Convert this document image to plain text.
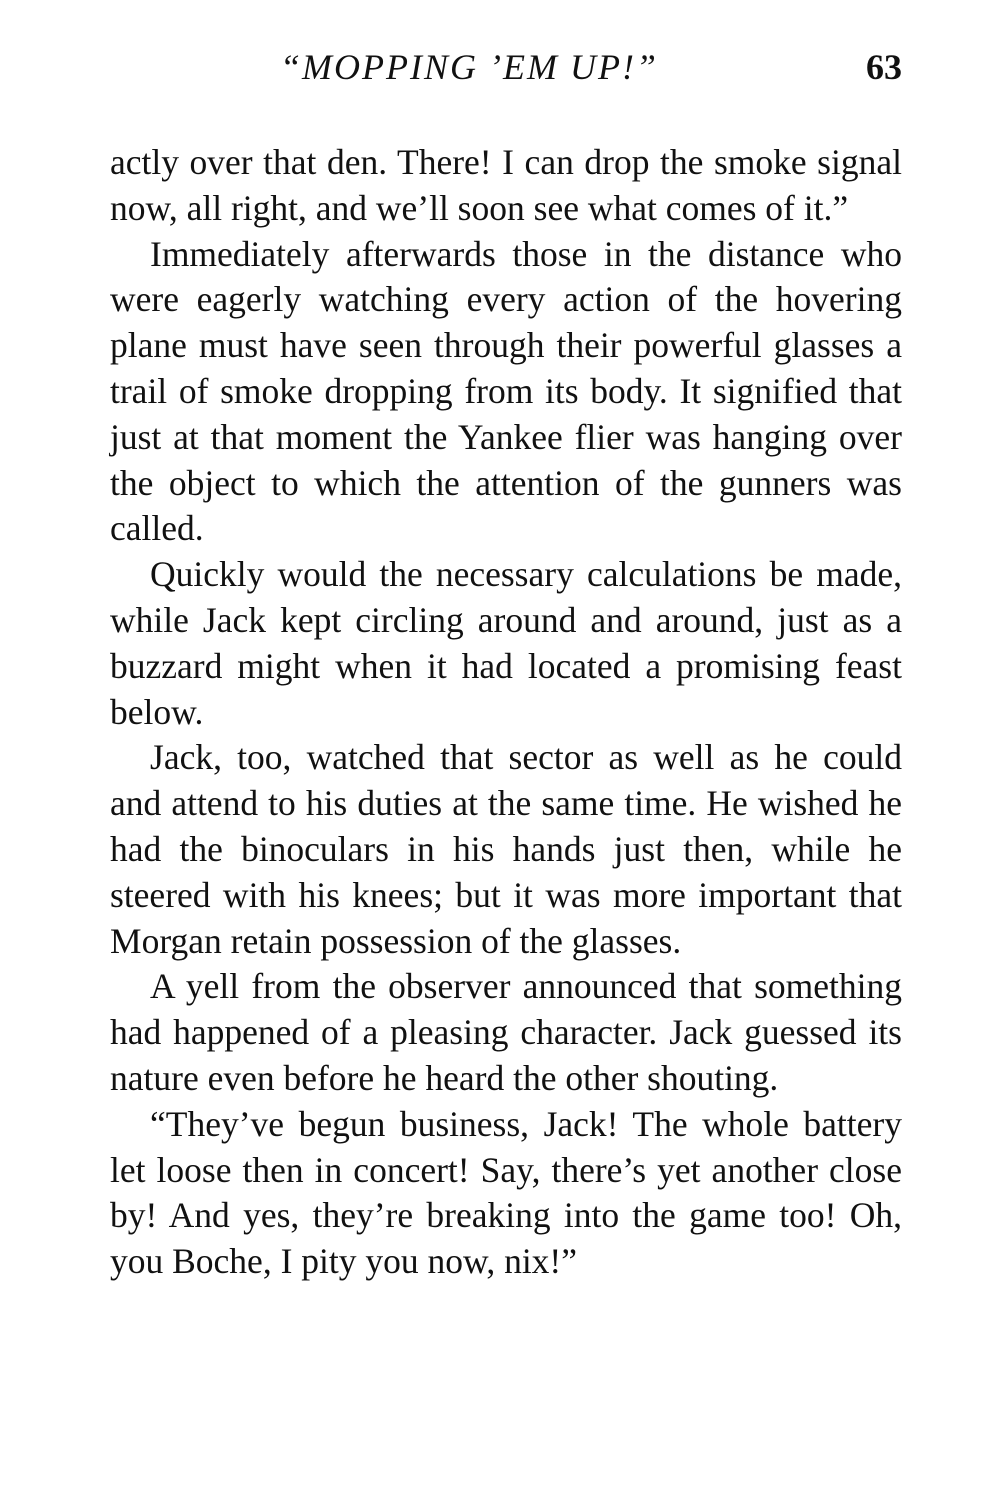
“MOPPING ’EM UP!”	63

actly over that den. There! I can drop the smoke signal now, all right, and we’ll soon see what comes of it.”

Immediately afterwards those in the distance who were eagerly watching every action of the hovering plane must have seen through their powerful glasses a trail of smoke dropping from its body. It signified that just at that moment the Yankee flier was hanging over the object to which the attention of the gunners was called.

Quickly would the necessary calculations be made, while Jack kept circling around and around, just as a buzzard might when it had located a promising feast below.

Jack, too, watched that sector as well as he could and attend to his duties at the same time. He wished he had the binoculars in his hands just then, while he steered with his knees; but it was more important that Morgan retain possession of the glasses.

A yell from the observer announced that something had happened of a pleasing character. Jack guessed its nature even before he heard the other shouting.

“They’ve begun business, Jack! The whole battery let loose then in concert! Say, there’s yet another close by! And yes, they’re breaking into the game too! Oh, you Boche, I pity you now, nix!”
